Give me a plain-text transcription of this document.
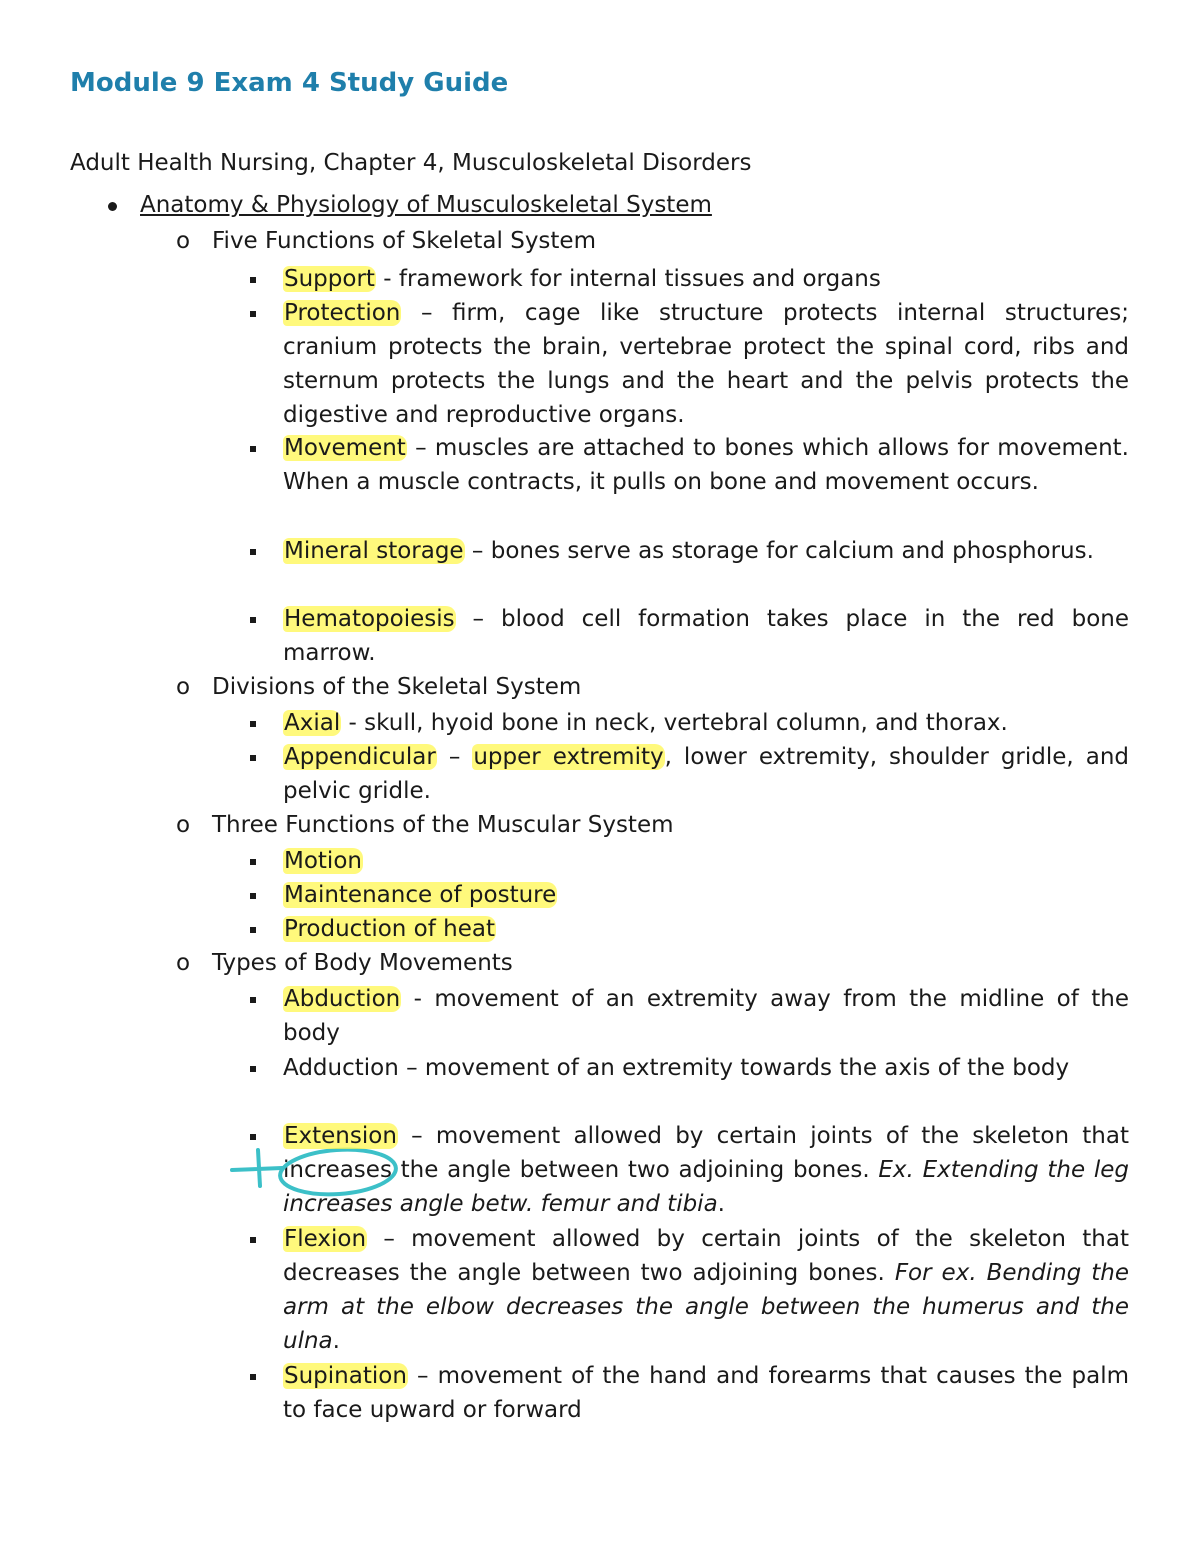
Module 9 Exam 4 Study Guide

Adult Health Nursing, Chapter 4, Musculoskeletal Disorders

Anatomy & Physiology of Musculoskeletal System
o Five Functions of Skeletal System
Support - framework for internal tissues and organs
Protection – firm, cage like structure protects internal structures; cranium protects the brain, vertebrae protect the spinal cord, ribs and sternum protects the lungs and the heart and the pelvis protects the digestive and reproductive organs.
Movement – muscles are attached to bones which allows for movement. When a muscle contracts, it pulls on bone and movement occurs.
Mineral storage – bones serve as storage for calcium and phosphorus.
Hematopoiesis – blood cell formation takes place in the red bone marrow.
o Divisions of the Skeletal System
Axial - skull, hyoid bone in neck, vertebral column, and thorax.
Appendicular – upper extremity, lower extremity, shoulder gridle, and pelvic gridle.
o Three Functions of the Muscular System
Motion
Maintenance of posture
Production of heat
o Types of Body Movements
Abduction - movement of an extremity away from the midline of the body
Adduction – movement of an extremity towards the axis of the body
Extension – movement allowed by certain joints of the skeleton that increases the angle between two adjoining bones. Ex. Extending the leg increases angle betw. femur and tibia.
Flexion – movement allowed by certain joints of the skeleton that decreases the angle between two adjoining bones. For ex. Bending the arm at the elbow decreases the angle between the humerus and the ulna.
Supination – movement of the hand and forearms that causes the palm to face upward or forward
